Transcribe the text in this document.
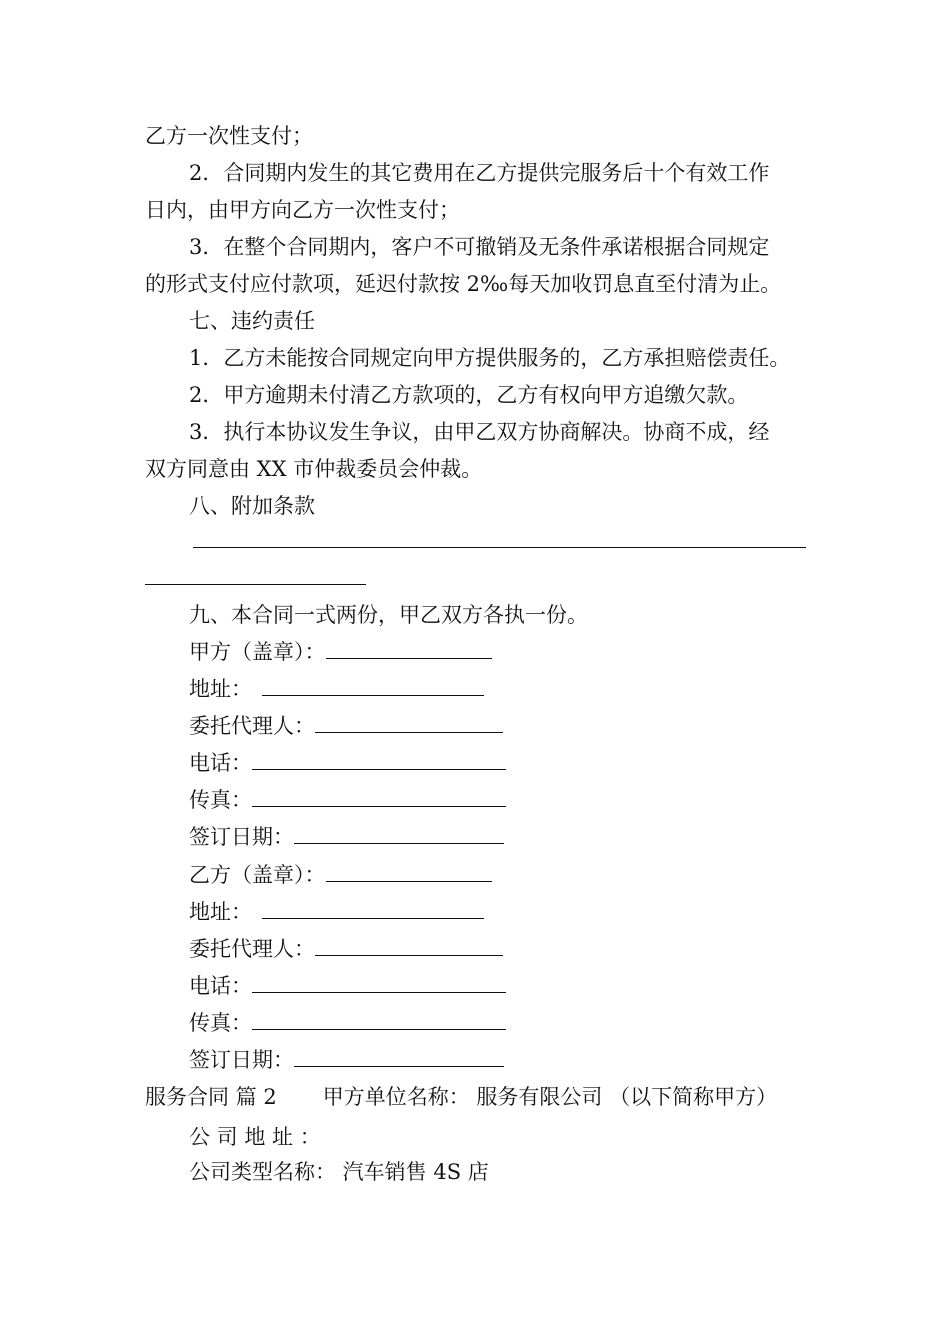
乙方一次性支付；
2．合同期内发生的其它费用在乙方提供完服务后十个有效工作
日内，由甲方向乙方一次性支付；
3．在整个合同期内，客户不可撤销及无条件承诺根据合同规定
的形式支付应付款项，延迟付款按 2‰每天加收罚息直至付清为止。
七、违约责任
1．乙方未能按合同规定向甲方提供服务的，乙方承担赔偿责任。
2．甲方逾期未付清乙方款项的，乙方有权向甲方追缴欠款。
3．执行本协议发生争议，由甲乙双方协商解决。协商不成，经
双方同意由 XX 市仲裁委员会仲裁。
八、附加条款
九、本合同一式两份，甲乙双方各执一份。
甲方（盖章）：
地址：
委托代理人：
电话：
传真：
签订日期：
乙方（盖章）：
地址：
委托代理人：
电话：
传真：
签订日期：
服务合同 篇 2 甲方单位名称： 服务有限公司 （以下简称甲方）
公 司 地 址 ：
公司类型名称： 汽车销售 4S 店
